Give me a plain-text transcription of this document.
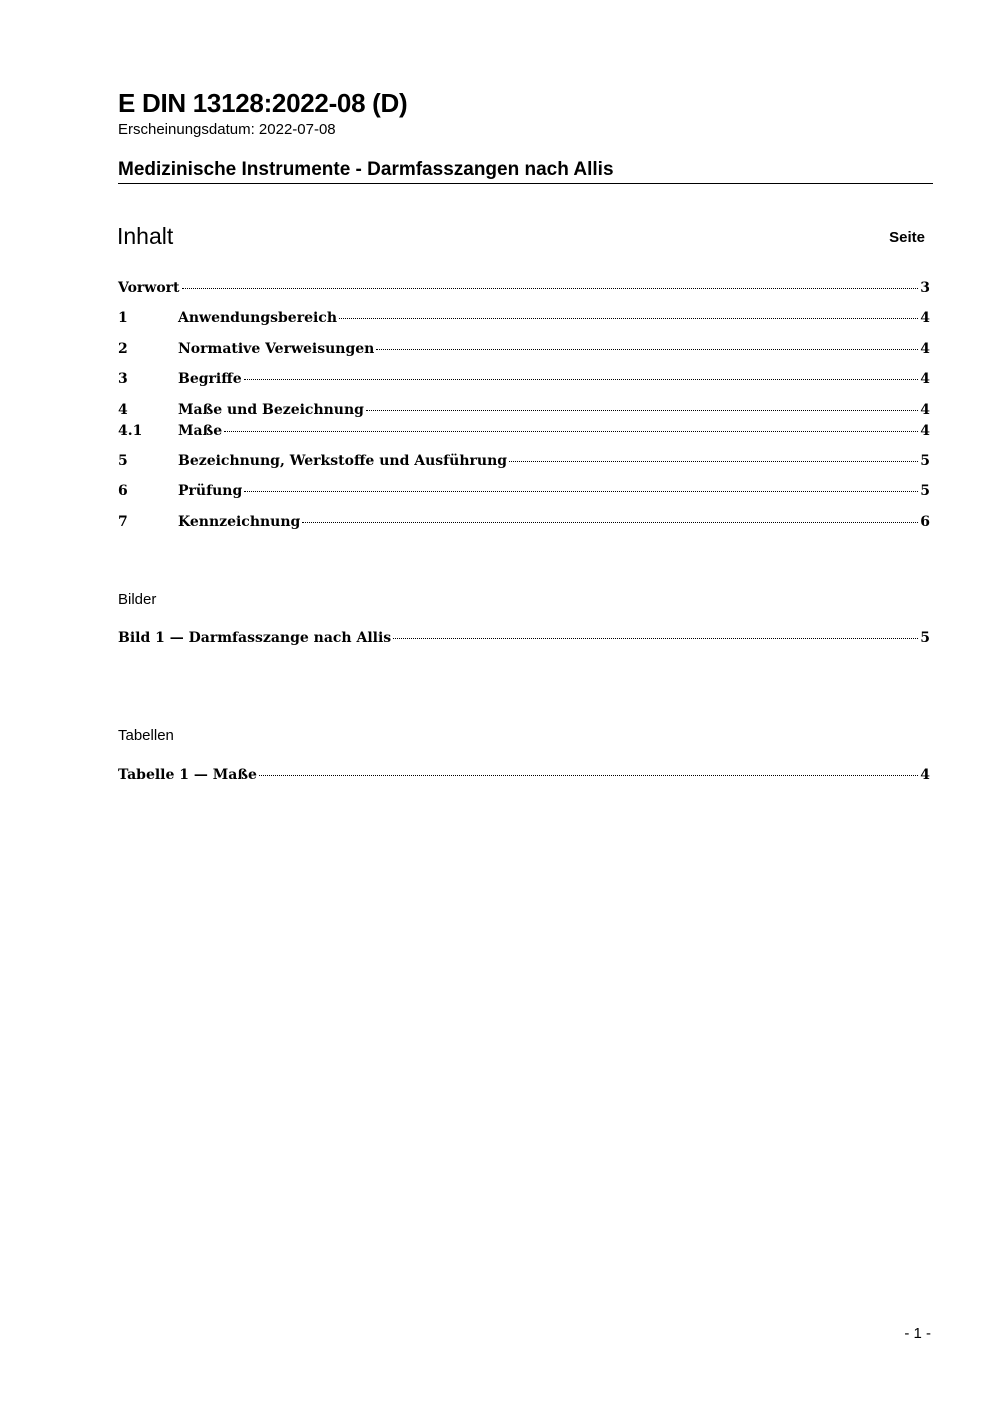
E DIN 13128:2022-08 (D)
Erscheinungsdatum: 2022-07-08
Medizinische Instrumente - Darmfasszangen nach Allis
Inhalt	Seite
Vorwort	3
1	Anwendungsbereich	4
2	Normative Verweisungen	4
3	Begriffe	4
4	Maße und Bezeichnung	4
4.1	Maße	4
5	Bezeichnung, Werkstoffe und Ausführung	5
6	Prüfung	5
7	Kennzeichnung	6
Bilder
Bild 1 — Darmfasszange nach Allis	5
Tabellen
Tabelle 1 — Maße	4
- 1 -
